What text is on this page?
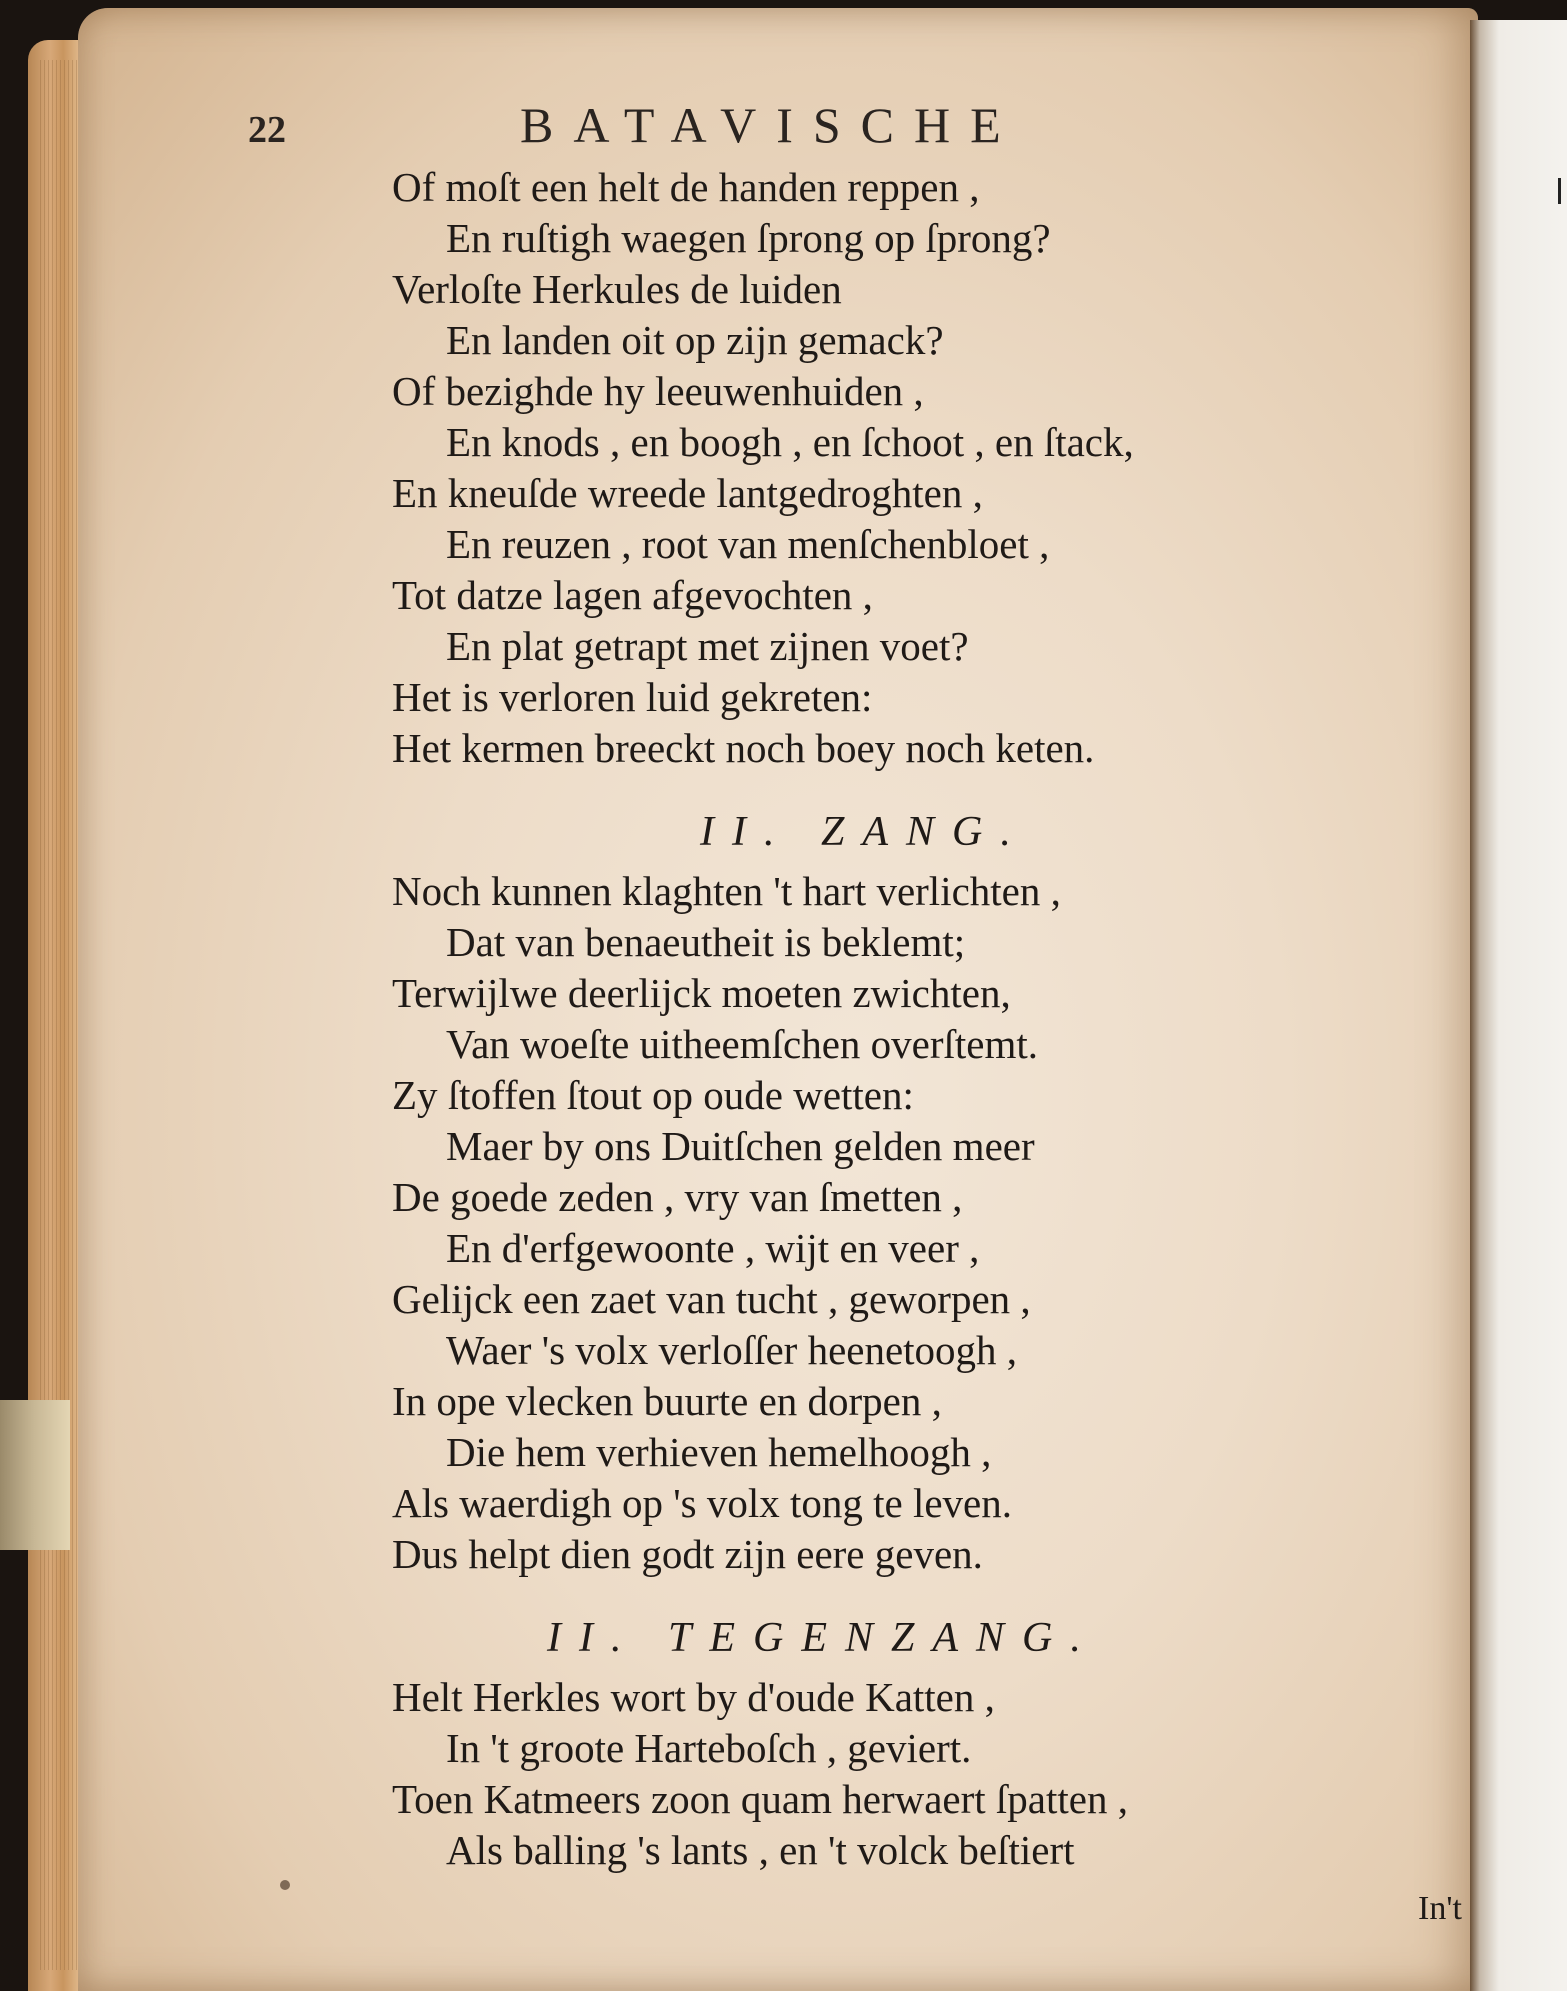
22	BATAVISCHE
Of moſt een helt de handen reppen ,
En ruſtigh waegen ſprong op ſprong?
Verloſte Herkules de luiden
En landen oit op zijn gemack?
Of bezighde hy leeuwenhuiden ,
En knods , en boogh , en ſchoot , en ſtack,
En kneuſde wreede lantgedroghten ,
En reuzen , root van menſchenbloet ,
Tot datze lagen afgevochten ,
En plat getrapt met zijnen voet?
Het is verloren luid gekreten:
Het kermen breeckt noch boey noch keten.
II. ZANG.
Noch kunnen klaghten 't hart verlichten ,
Dat van benaeutheit is beklemt;
Terwijlwe deerlijck moeten zwichten,
Van woeſte uitheemſchen overſtemt.
Zy ſtoffen ſtout op oude wetten:
Maer by ons Duitſchen gelden meer
De goede zeden , vry van ſmetten ,
En d'erfgewoonte , wijt en veer ,
Gelijck een zaet van tucht , geworpen ,
Waer 's volx verloſſer heenetoogh ,
In ope vlecken buurte en dorpen ,
Die hem verhieven hemelhoogh ,
Als waerdigh op 's volx tong te leven.
Dus helpt dien godt zijn eere geven.
II. TEGENZANG.
Helt Herkles wort by d'oude Katten ,
In 't groote Harteboſch , geviert.
Toen Katmeers zoon quam herwaert ſpatten ,
Als balling 's lants , en 't volck beſtiert
In't
